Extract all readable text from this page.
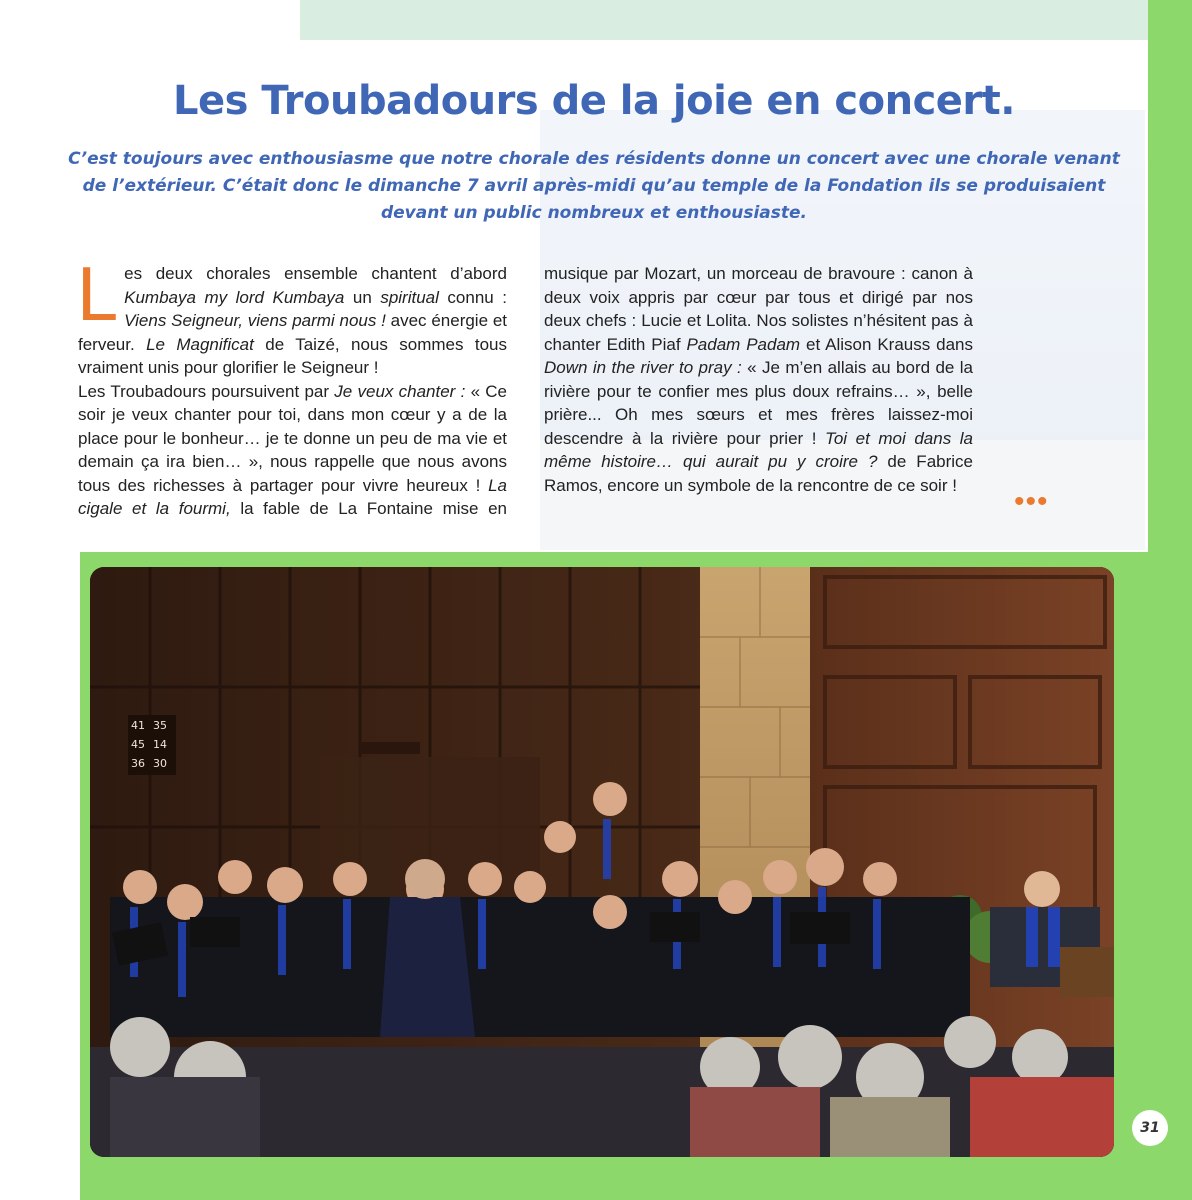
Les Troubadours de la joie en concert.

C’est toujours avec enthousiasme que notre chorale des résidents donne un concert avec une chorale venant de l’extérieur. C’était donc le dimanche 7 avril après-midi qu’au temple de la Fondation ils se produisaient devant un public nombreux et enthousiaste.

•••
41 35
45 14
36 30
31

Les deux chorales ensemble chantent d’abord Kumbaya my lord Kumbaya un spiritual connu : Viens Seigneur, viens parmi nous ! avec énergie et ferveur. Le Magnificat de Taizé, nous sommes tous vraiment unis pour glorifier le Seigneur !

Les Troubadours poursuivent par Je veux chanter : « Ce soir je veux chanter pour toi, dans mon cœur y a de la place pour le bonheur… je te donne un peu de ma vie et demain ça ira bien… », nous rappelle que nous avons tous des richesses à partager pour vivre heureux ! La cigale et la fourmi, la fable de La Fontaine mise en musique par Mozart, un morceau de bravoure : canon à deux voix appris par cœur par tous et dirigé par nos deux chefs : Lucie et Lolita. Nos solistes n’hésitent pas à chanter Edith Piaf Padam Padam et Alison Krauss dans Down in the river to pray : « Je m’en allais au bord de la rivière pour te confier mes plus doux refrains… », belle prière... Oh mes sœurs et mes frères laissez-moi descendre à la rivière pour prier ! Toi et moi dans la même histoire… qui aurait pu y croire ? de Fabrice Ramos, encore un symbole de la rencontre de ce soir !
